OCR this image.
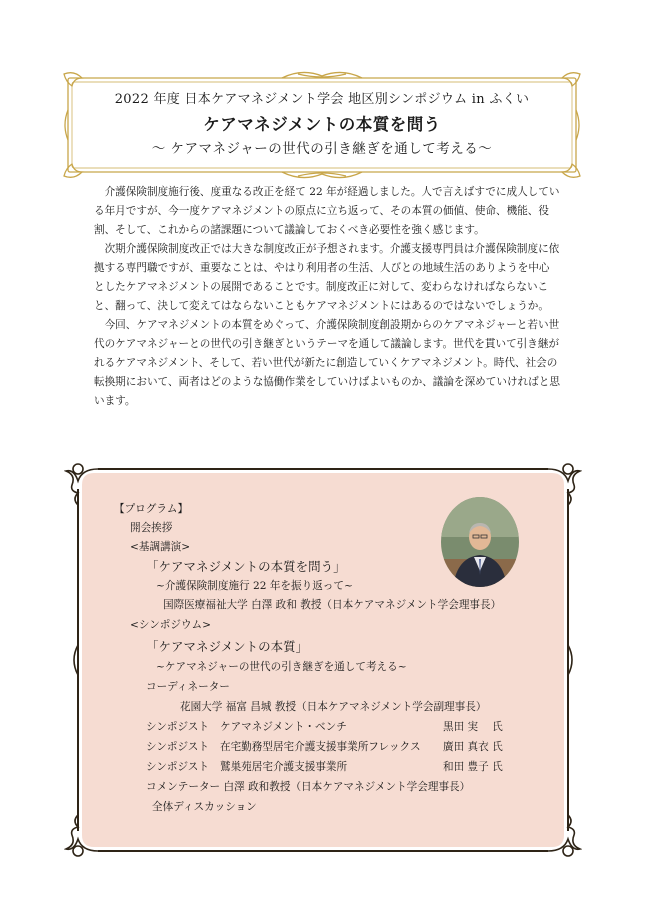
2022 年度 日本ケアマネジメント学会 地区別シンポジウム in ふくい
ケアマネジメントの本質を問う
～ ケアマネジャーの世代の引き継ぎを通して考える～

介護保険制度施行後、度重なる改正を経て 22 年が経過しました。人で言えばすでに成人している年月ですが、今一度ケアマネジメントの原点に立ち返って、その本質の価値、使命、機能、役割、そして、これからの諸課題について議論しておくべき必要性を強く感じます。

次期介護保険制度改正では大きな制度改正が予想されます。介護支援専門員は介護保険制度に依拠する専門職ですが、重要なことは、やはり利用者の生活、人びとの地域生活のありようを中心としたケアマネジメントの展開であることです。制度改正に対して、変わらなければならないこと、翻って、決して変えてはならないこともケアマネジメントにはあるのではないでしょうか。

今回、ケアマネジメントの本質をめぐって、介護保険制度創設期からのケアマネジャーと若い世代のケアマネジャーとの世代の引き継ぎというテーマを通して議論します。世代を貫いて引き継がれるケアマネジメント、そして、若い世代が新たに創造していくケアマネジメント。時代、社会の転換期において、両者はどのような協働作業をしていけばよいものか、議論を深めていければと思います。

【プログラム】
開会挨拶
<基調講演>
「ケアマネジメントの本質を問う」
~介護保険制度施行 22 年を振り返って~
国際医療福祉大学 白澤 政和 教授（日本ケアマネジメント学会理事長）
<シンポジウム>
「ケアマネジメントの本質」
~ケアマネジャーの世代の引き継ぎを通して考える~
コーディネーター
花園大学 福富 昌城 教授（日本ケアマネジメント学会副理事長）
シンポジスト ケアマネジメント・ベンチ	黒田 実　 氏
シンポジスト 在宅勤務型居宅介護支援事業所フレックス 廣田 真衣 氏
シンポジスト 鷲巣苑居宅介護支援事業所	和田 豊子 氏
コメンテーター 白澤 政和教授（日本ケアマネジメント学会理事長）
全体ディスカッション
